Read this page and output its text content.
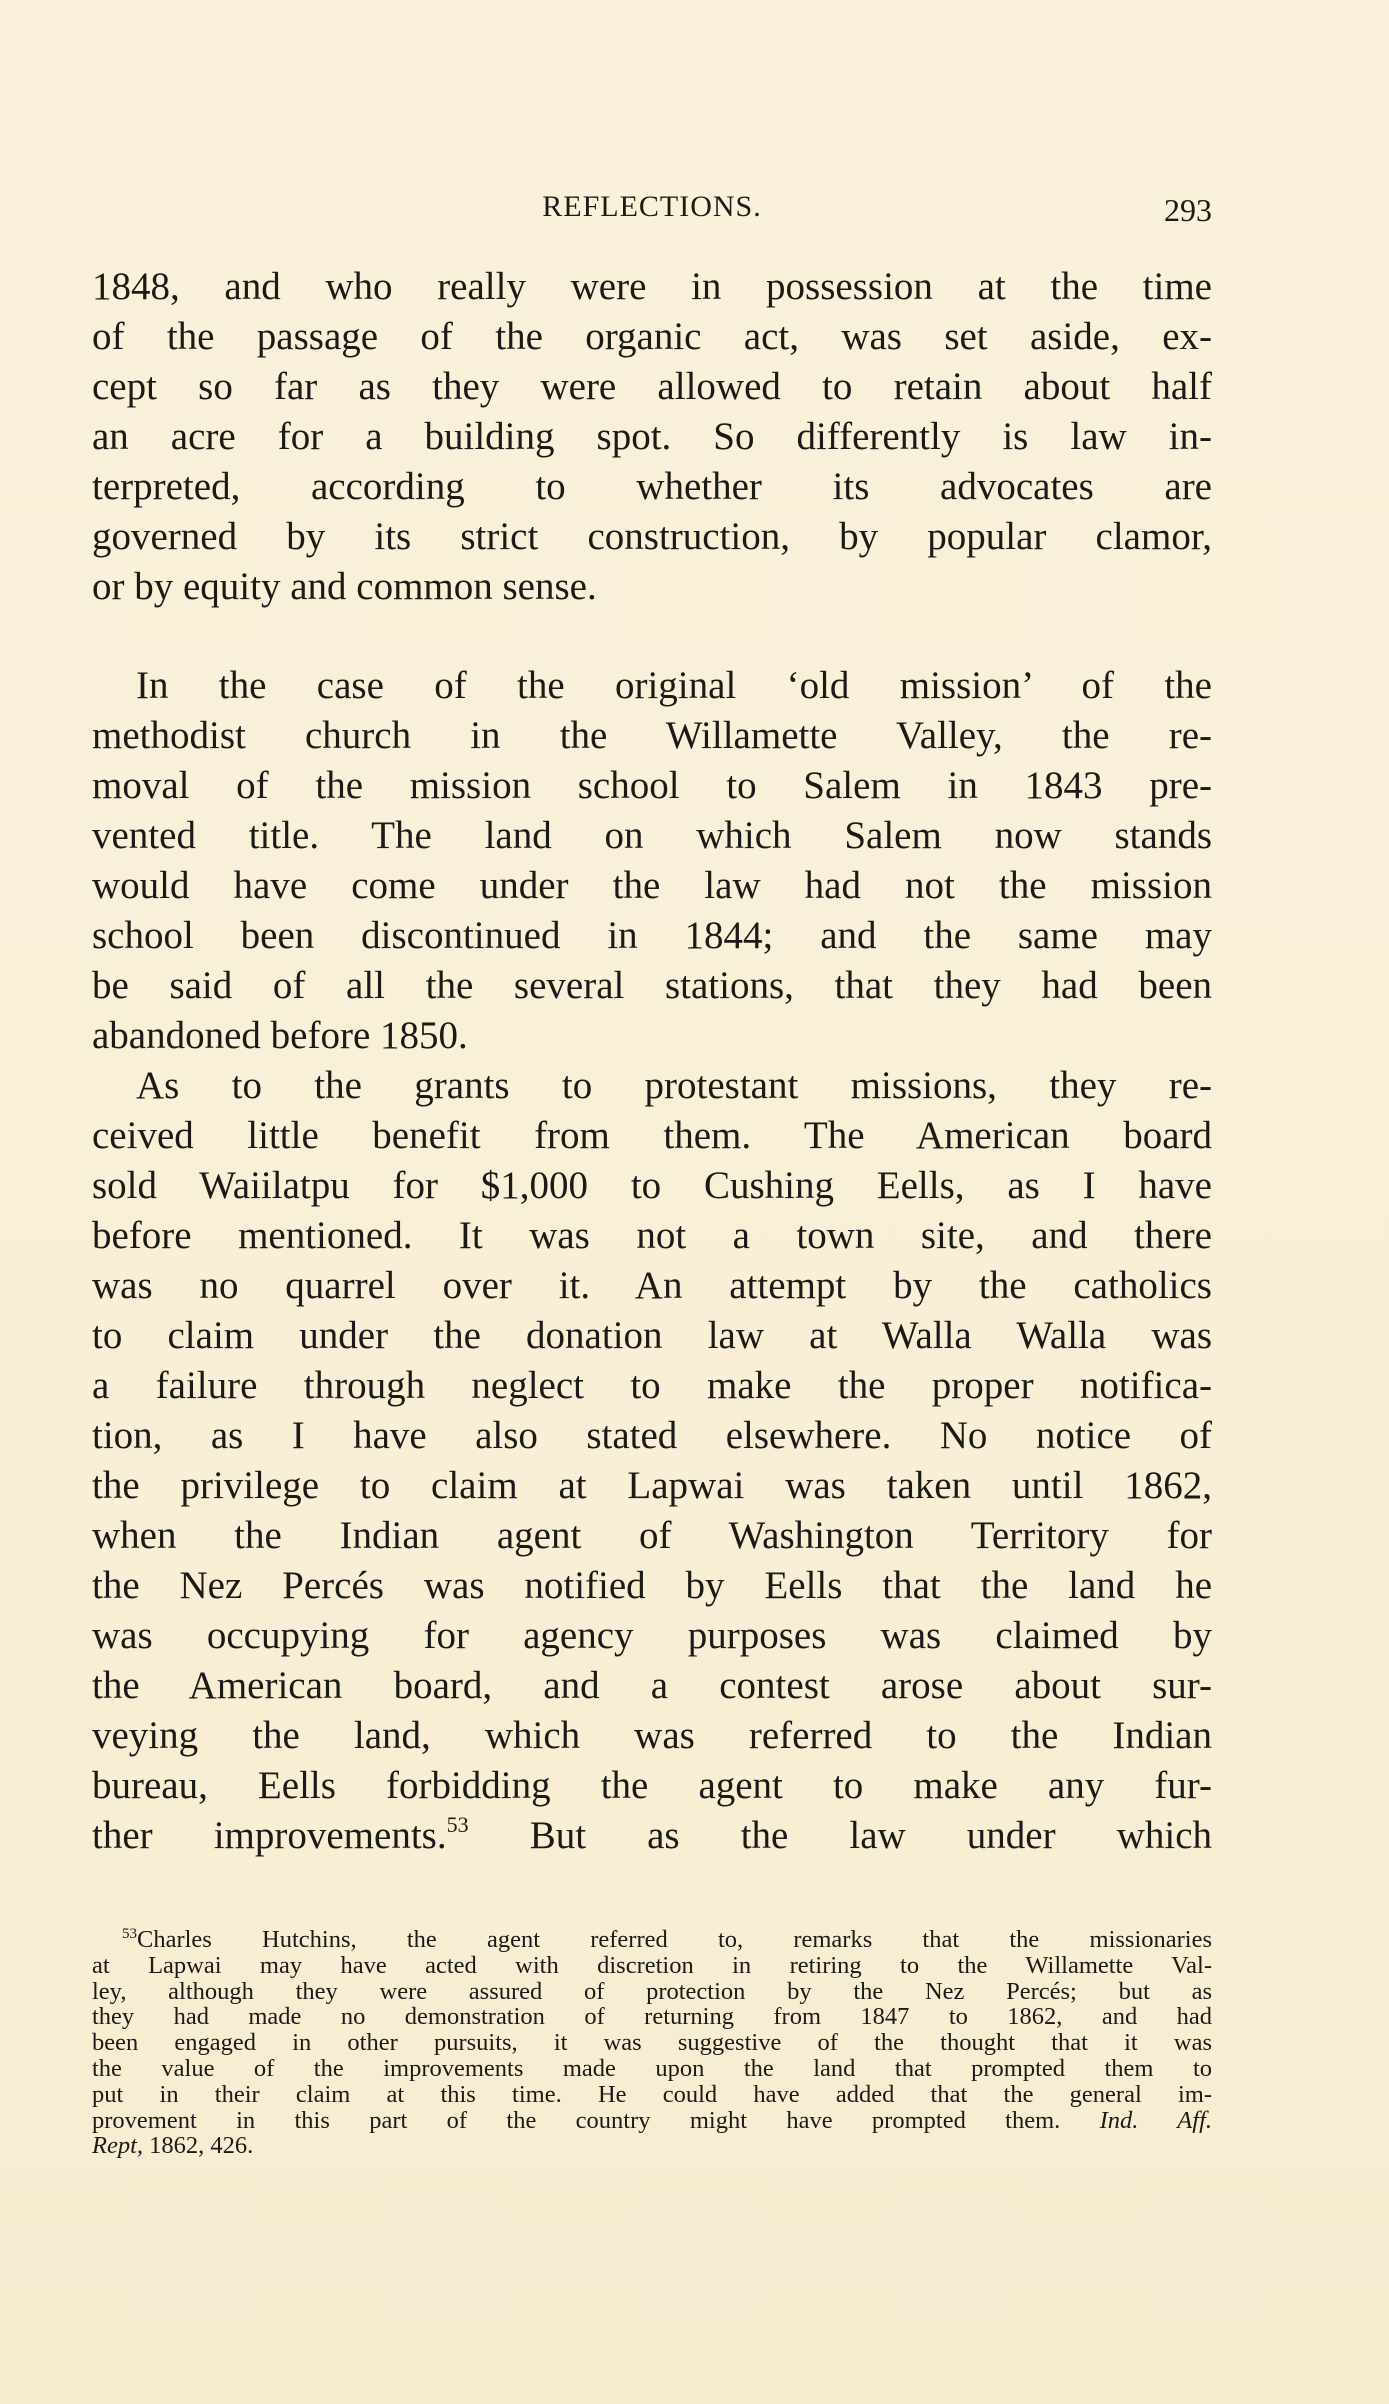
REFLECTIONS.	293
1848, and who really were in possession at the time
of the passage of the organic act, was set aside, ex-
cept so far as they were allowed to retain about half
an acre for a building spot. So differently is law in-
terpreted, according to whether its advocates are
governed by its strict construction, by popular clamor,
or by equity and common sense.
In the case of the original ‘old mission’ of the
methodist church in the Willamette Valley, the re-
moval of the mission school to Salem in 1843 pre-
vented title. The land on which Salem now stands
would have come under the law had not the mission
school been discontinued in 1844; and the same may
be said of all the several stations, that they had been
abandoned before 1850.
As to the grants to protestant missions, they re-
ceived little benefit from them. The American board
sold Waiilatpu for $1,000 to Cushing Eells, as I have
before mentioned. It was not a town site, and there
was no quarrel over it. An attempt by the catholics
to claim under the donation law at Walla Walla was
a failure through neglect to make the proper notifica-
tion, as I have also stated elsewhere. No notice of
the privilege to claim at Lapwai was taken until 1862,
when the Indian agent of Washington Territory for
the Nez Percés was notified by Eells that the land he
was occupying for agency purposes was claimed by
the American board, and a contest arose about sur-
veying the land, which was referred to the Indian
bureau, Eells forbidding the agent to make any fur-
ther improvements.$^{53}$ But as the law under which
$^{53}$Charles Hutchins, the agent referred to, remarks that the missionaries
at Lapwai may have acted with discretion in retiring to the Willamette Val-
ley, although they were assured of protection by the Nez Percés; but as
they had made no demonstration of returning from 1847 to 1862, and had
been engaged in other pursuits, it was suggestive of the thought that it was
the value of the improvements made upon the land that prompted them to
put in their claim at this time. He could have added that the general im-
provement in this part of the country might have prompted them. Ind. Aff.
Rept, 1862, 426.
